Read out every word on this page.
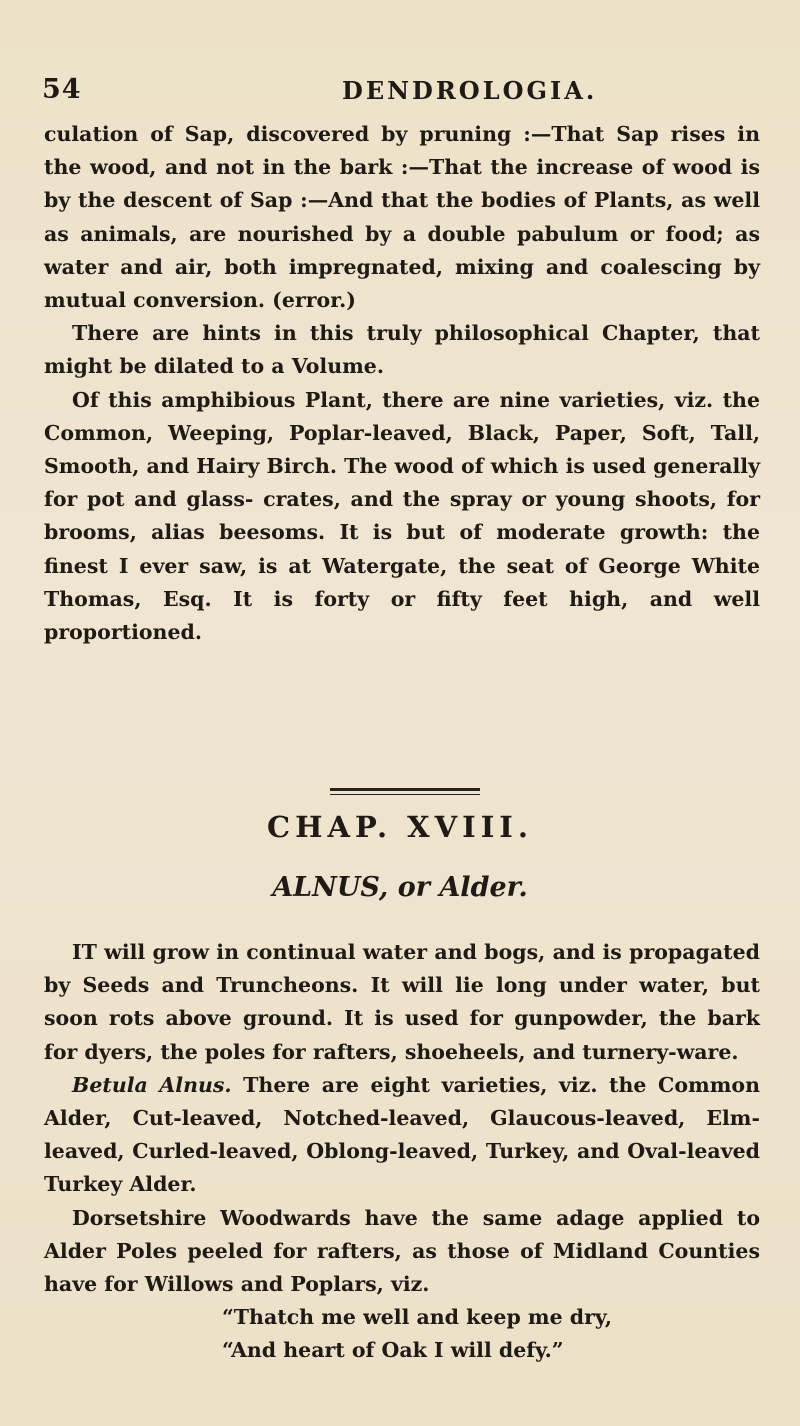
54	DENDROLOGIA.

culation of Sap, discovered by pruning :—That Sap rises in the wood, and not in the bark :—That the increase of wood is by the descent of Sap :—And that the bodies of Plants, as well as animals, are nourished by a double pabulum or food; as water and air, both impregnated, mixing and coalescing by mutual conversion. (error.)

There are hints in this truly philosophical Chapter, that might be dilated to a Volume.

Of this amphibious Plant, there are nine varieties, viz. the Common, Weeping, Poplar-leaved, Black, Paper, Soft, Tall, Smooth, and Hairy Birch. The wood of which is used generally for pot and glass- crates, and the spray or young shoots, for brooms, alias beesoms. It is but of moderate growth: the finest I ever saw, is at Watergate, the seat of George White Thomas, Esq. It is forty or fifty feet high, and well proportioned.

CHAP. XVIII.
ALNUS, or Alder.

IT will grow in continual water and bogs, and is propagated by Seeds and Truncheons. It will lie long under water, but soon rots above ground. It is used for gunpowder, the bark for dyers, the poles for rafters, shoeheels, and turnery-ware.

Betula Alnus. There are eight varieties, viz. the Common Alder, Cut-leaved, Notched-leaved, Glaucous-leaved, Elm-leaved, Curled-leaved, Oblong-leaved, Turkey, and Oval-leaved Turkey Alder.

Dorsetshire Woodwards have the same adage applied to Alder Poles peeled for rafters, as those of Midland Counties have for Willows and Poplars, viz.

“Thatch me well and keep me dry,

“And heart of Oak I will defy.”
